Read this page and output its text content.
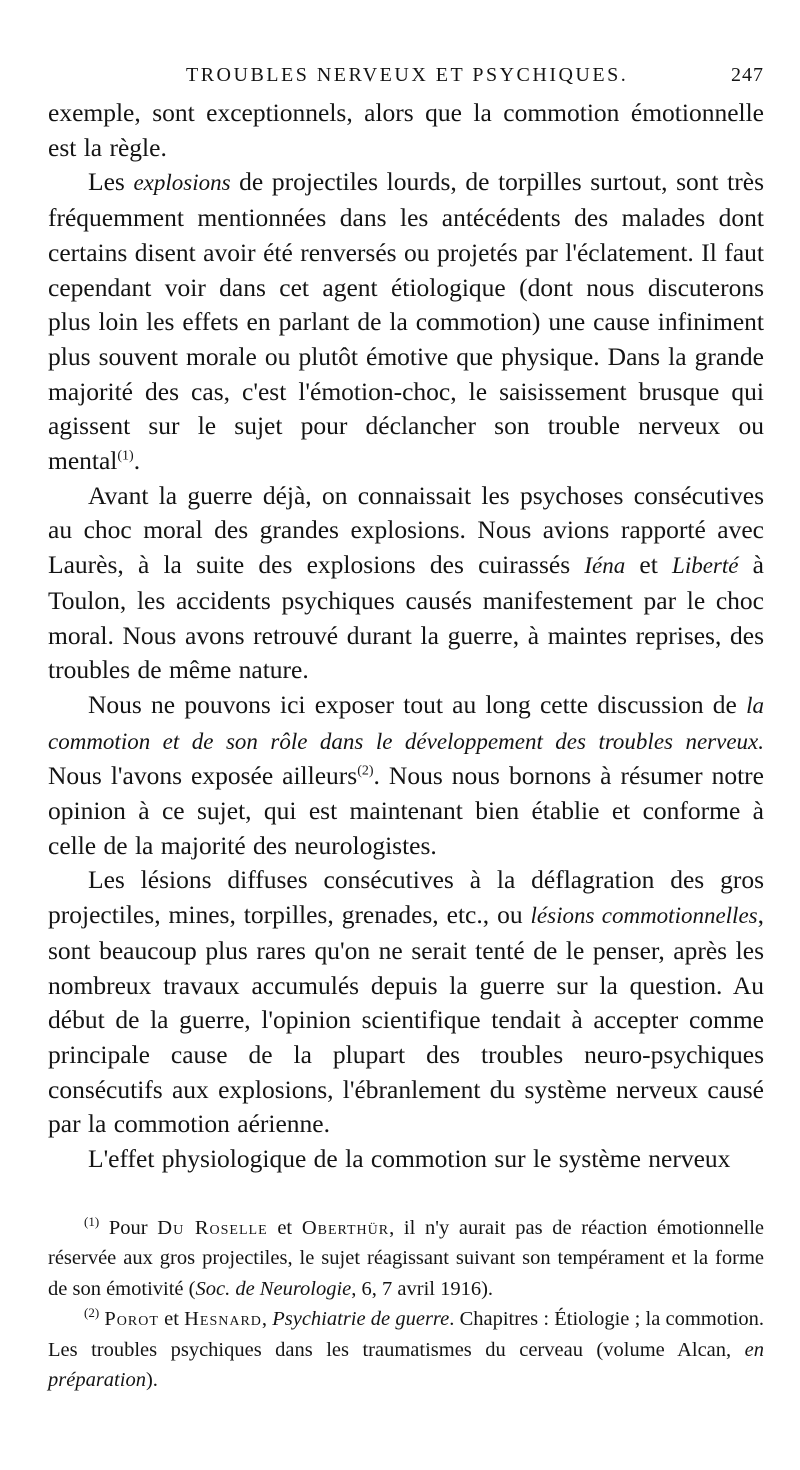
TROUBLES NERVEUX ET PSYCHIQUES.	247

exemple, sont exceptionnels, alors que la commotion émotionnelle est la règle.

Les explosions de projectiles lourds, de torpilles surtout, sont très fréquemment mentionnées dans les antécédents des malades dont certains disent avoir été renversés ou projetés par l'éclatement. Il faut cependant voir dans cet agent étiologique (dont nous discuterons plus loin les effets en parlant de la commotion) une cause infiniment plus souvent morale ou plutôt émotive que physique. Dans la grande majorité des cas, c'est l'émotion-choc, le saisissement brusque qui agissent sur le sujet pour déclancher son trouble nerveux ou mental$^{(1)}$.

Avant la guerre déjà, on connaissait les psychoses consécutives au choc moral des grandes explosions. Nous avions rapporté avec Laurès, à la suite des explosions des cuirassés Iéna et Liberté à Toulon, les accidents psychiques causés manifestement par le choc moral. Nous avons retrouvé durant la guerre, à maintes reprises, des troubles de même nature.

Nous ne pouvons ici exposer tout au long cette discussion de la commotion et de son rôle dans le développement des troubles nerveux. Nous l'avons exposée ailleurs$^{(2)}$. Nous nous bornons à résumer notre opinion à ce sujet, qui est maintenant bien établie et conforme à celle de la majorité des neurologistes.

Les lésions diffuses consécutives à la déflagration des gros projectiles, mines, torpilles, grenades, etc., ou lésions commotionnelles, sont beaucoup plus rares qu'on ne serait tenté de le penser, après les nombreux travaux accumulés depuis la guerre sur la question. Au début de la guerre, l'opinion scientifique tendait à accepter comme principale cause de la plupart des troubles neuro-psychiques consécutifs aux explosions, l'ébranlement du système nerveux causé par la commotion aérienne.

L'effet physiologique de la commotion sur le système nerveux

$^{(1)}$ Pour Du Roselle et Oberthür, il n'y aurait pas de réaction émotionnelle réservée aux gros projectiles, le sujet réagissant suivant son tempérament et la forme de son émotivité (Soc. de Neurologie, 6, 7 avril 1916).

$^{(2)}$ Porot et Hesnard, Psychiatrie de guerre. Chapitres : Étiologie ; la commotion. Les troubles psychiques dans les traumatismes du cerveau (volume Alcan, en préparation).
